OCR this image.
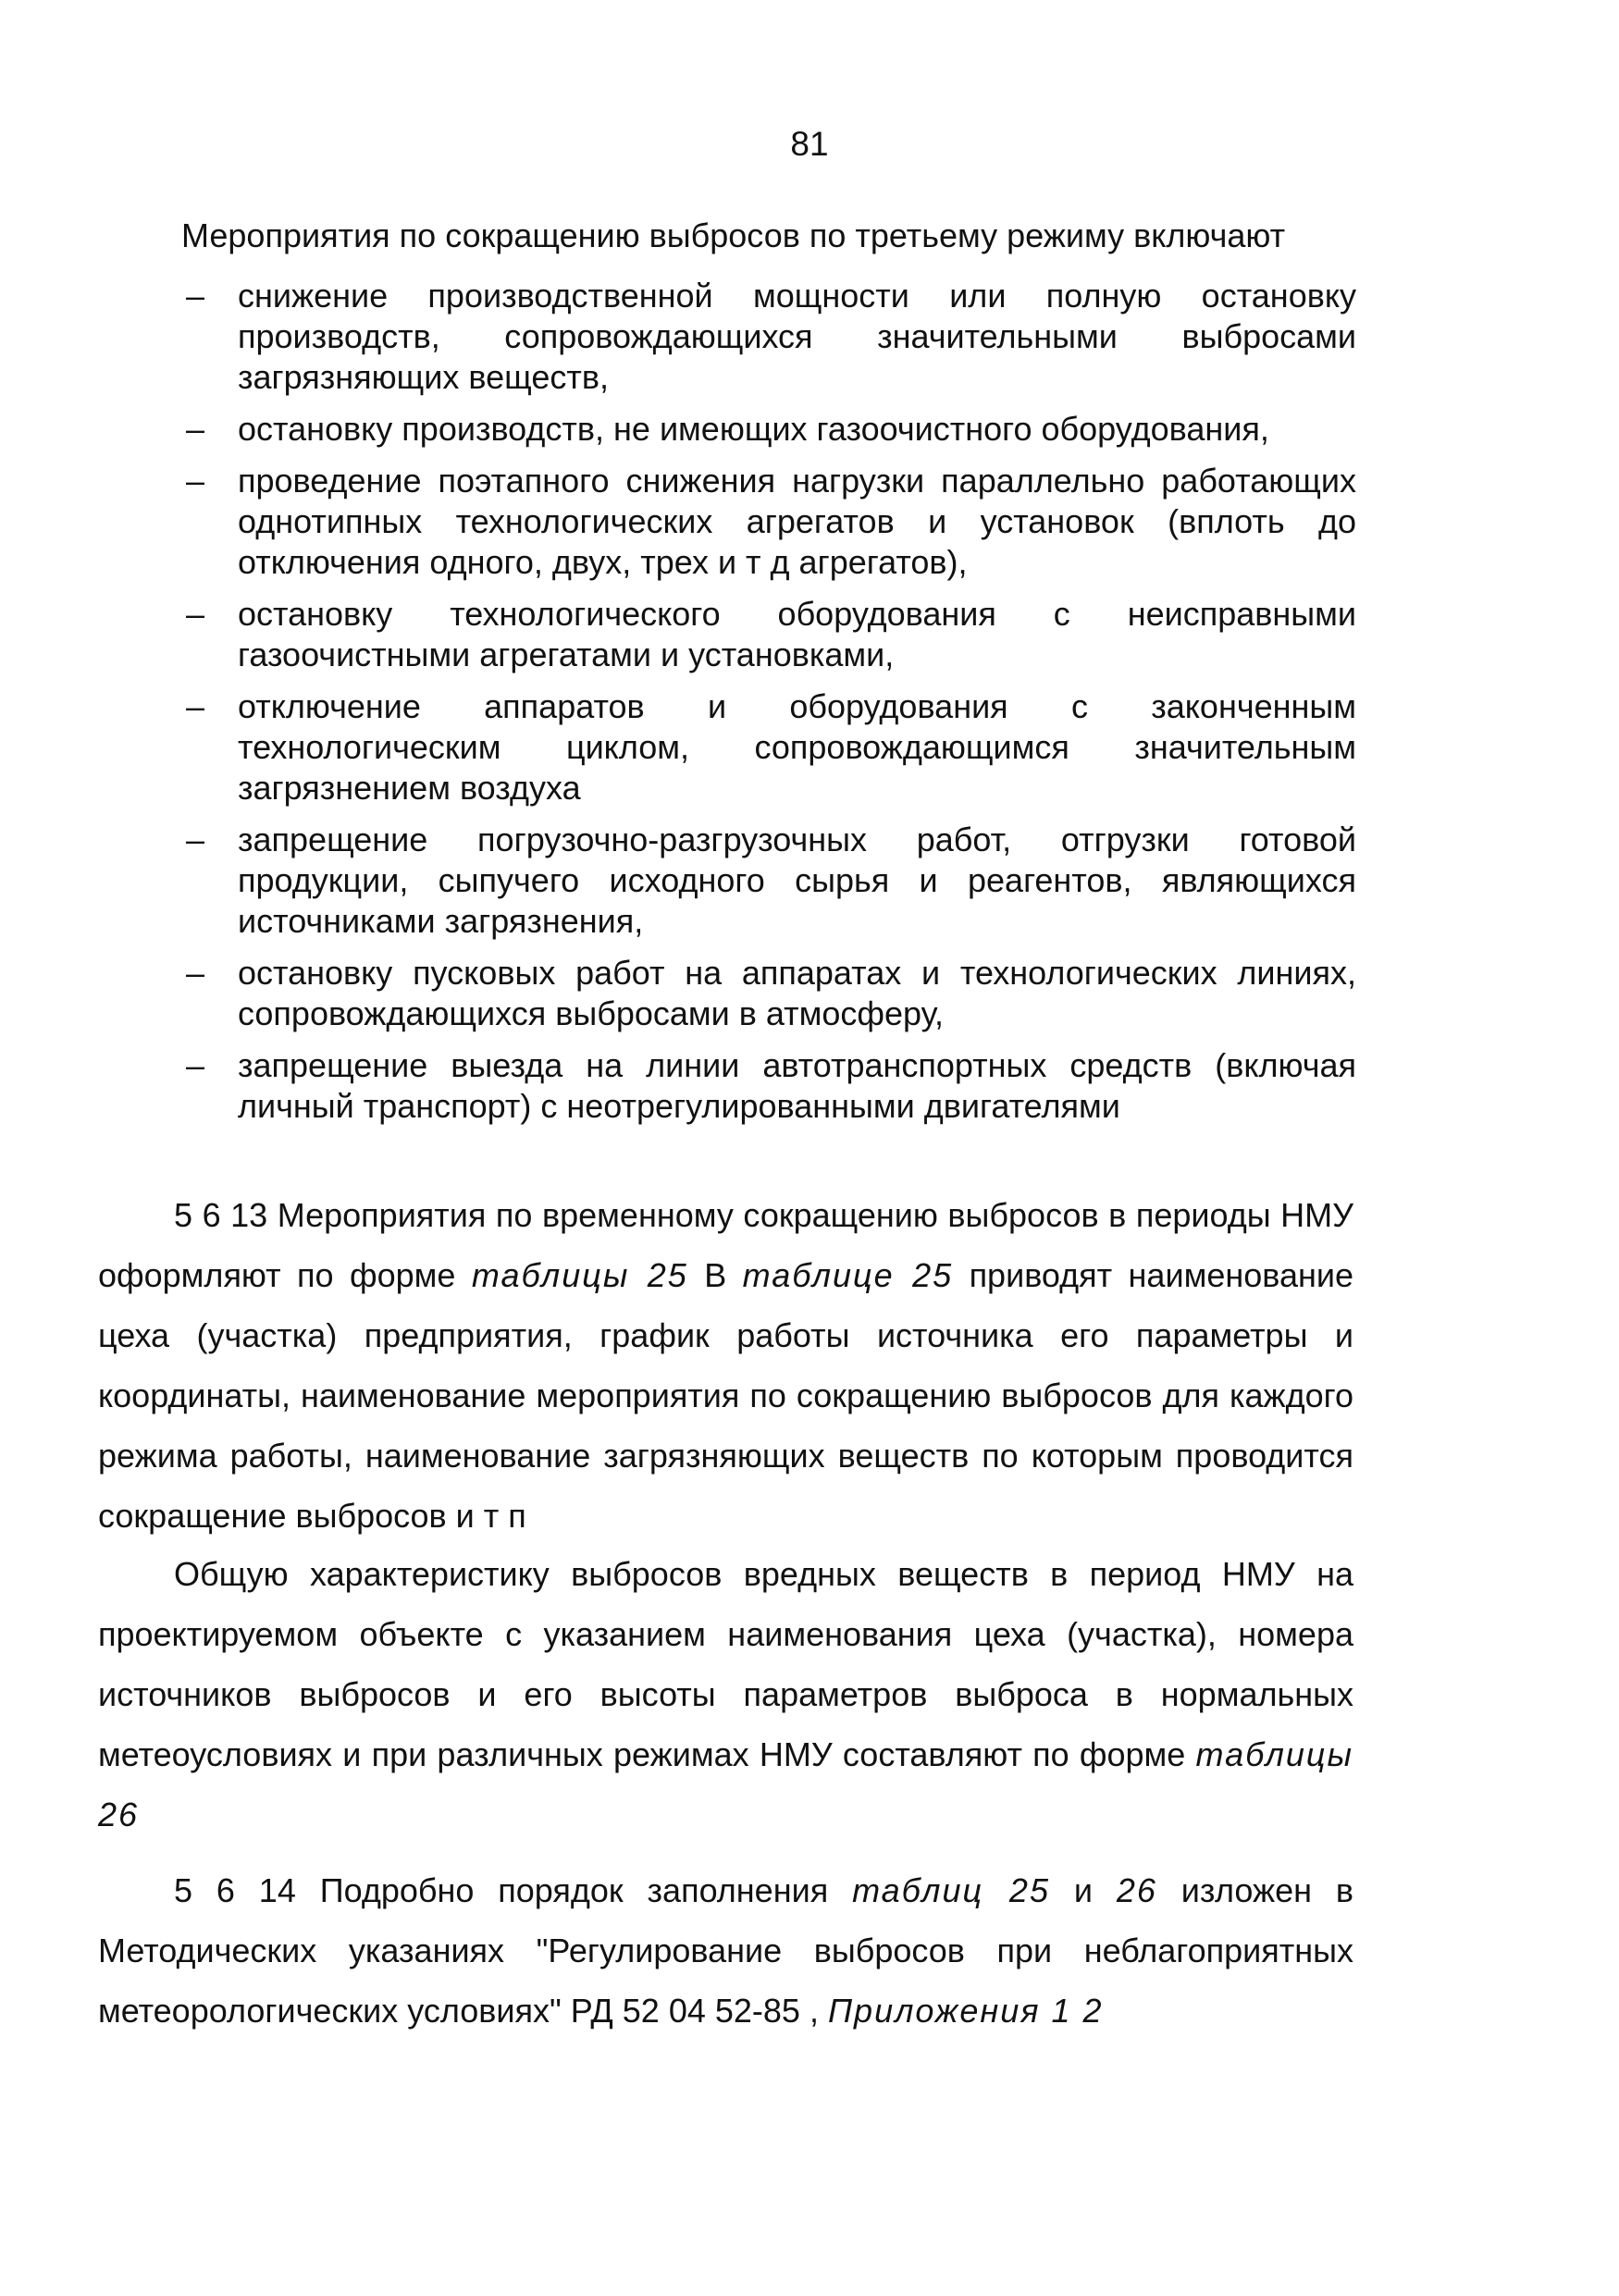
81
Мероприятия по сокращению выбросов по третьему режиму включают
– снижение производственной мощности или полную остановку производств, сопровождающихся значительными выбросами загрязняющих веществ,
– остановку производств, не имеющих газоочистного оборудования,
– проведение поэтапного снижения нагрузки параллельно работающих однотипных технологических агрегатов и установок (вплоть до отключения одного, двух, трех и т д агрегатов),
– остановку технологического оборудования с неисправными газоочистными агрегатами и установками,
– отключение аппаратов и оборудования с законченным технологическим циклом, сопровождающимся значительным загрязнением воздуха
– запрещение погрузочно-разгрузочных работ, отгрузки готовой продукции, сыпучего исходного сырья и реагентов, являющихся источниками загрязнения,
– остановку пусковых работ на аппаратах и технологических линиях, сопровождающихся выбросами в атмосферу,
– запрещение выезда на линии автотранспортных средств (включая личный транспорт) с неотрегулированными двигателями

5 6 13 Мероприятия по временному сокращению выбросов в периоды НМУ оформляют по форме таблицы 25 В таблице 25 приводят наименование цеха (участка) предприятия, график работы источника его параметры и координаты, наименование мероприятия по сокращению выбросов для каждого режима работы, наименование загрязняющих веществ по которым проводится сокращение выбросов и т п

Общую характеристику выбросов вредных веществ в период НМУ на проектируемом объекте с указанием наименования цеха (участка), номера источников выбросов и его высоты параметров выброса в нормальных метеоусловиях и при различных режимах НМУ составляют по форме таблицы 26

5 6 14 Подробно порядок заполнения таблиц 25 и 26 изложен в Методических указаниях "Регулирование выбросов при неблагоприятных метеорологических условиях" РД 52 04 52-85 , Приложения 1 2
